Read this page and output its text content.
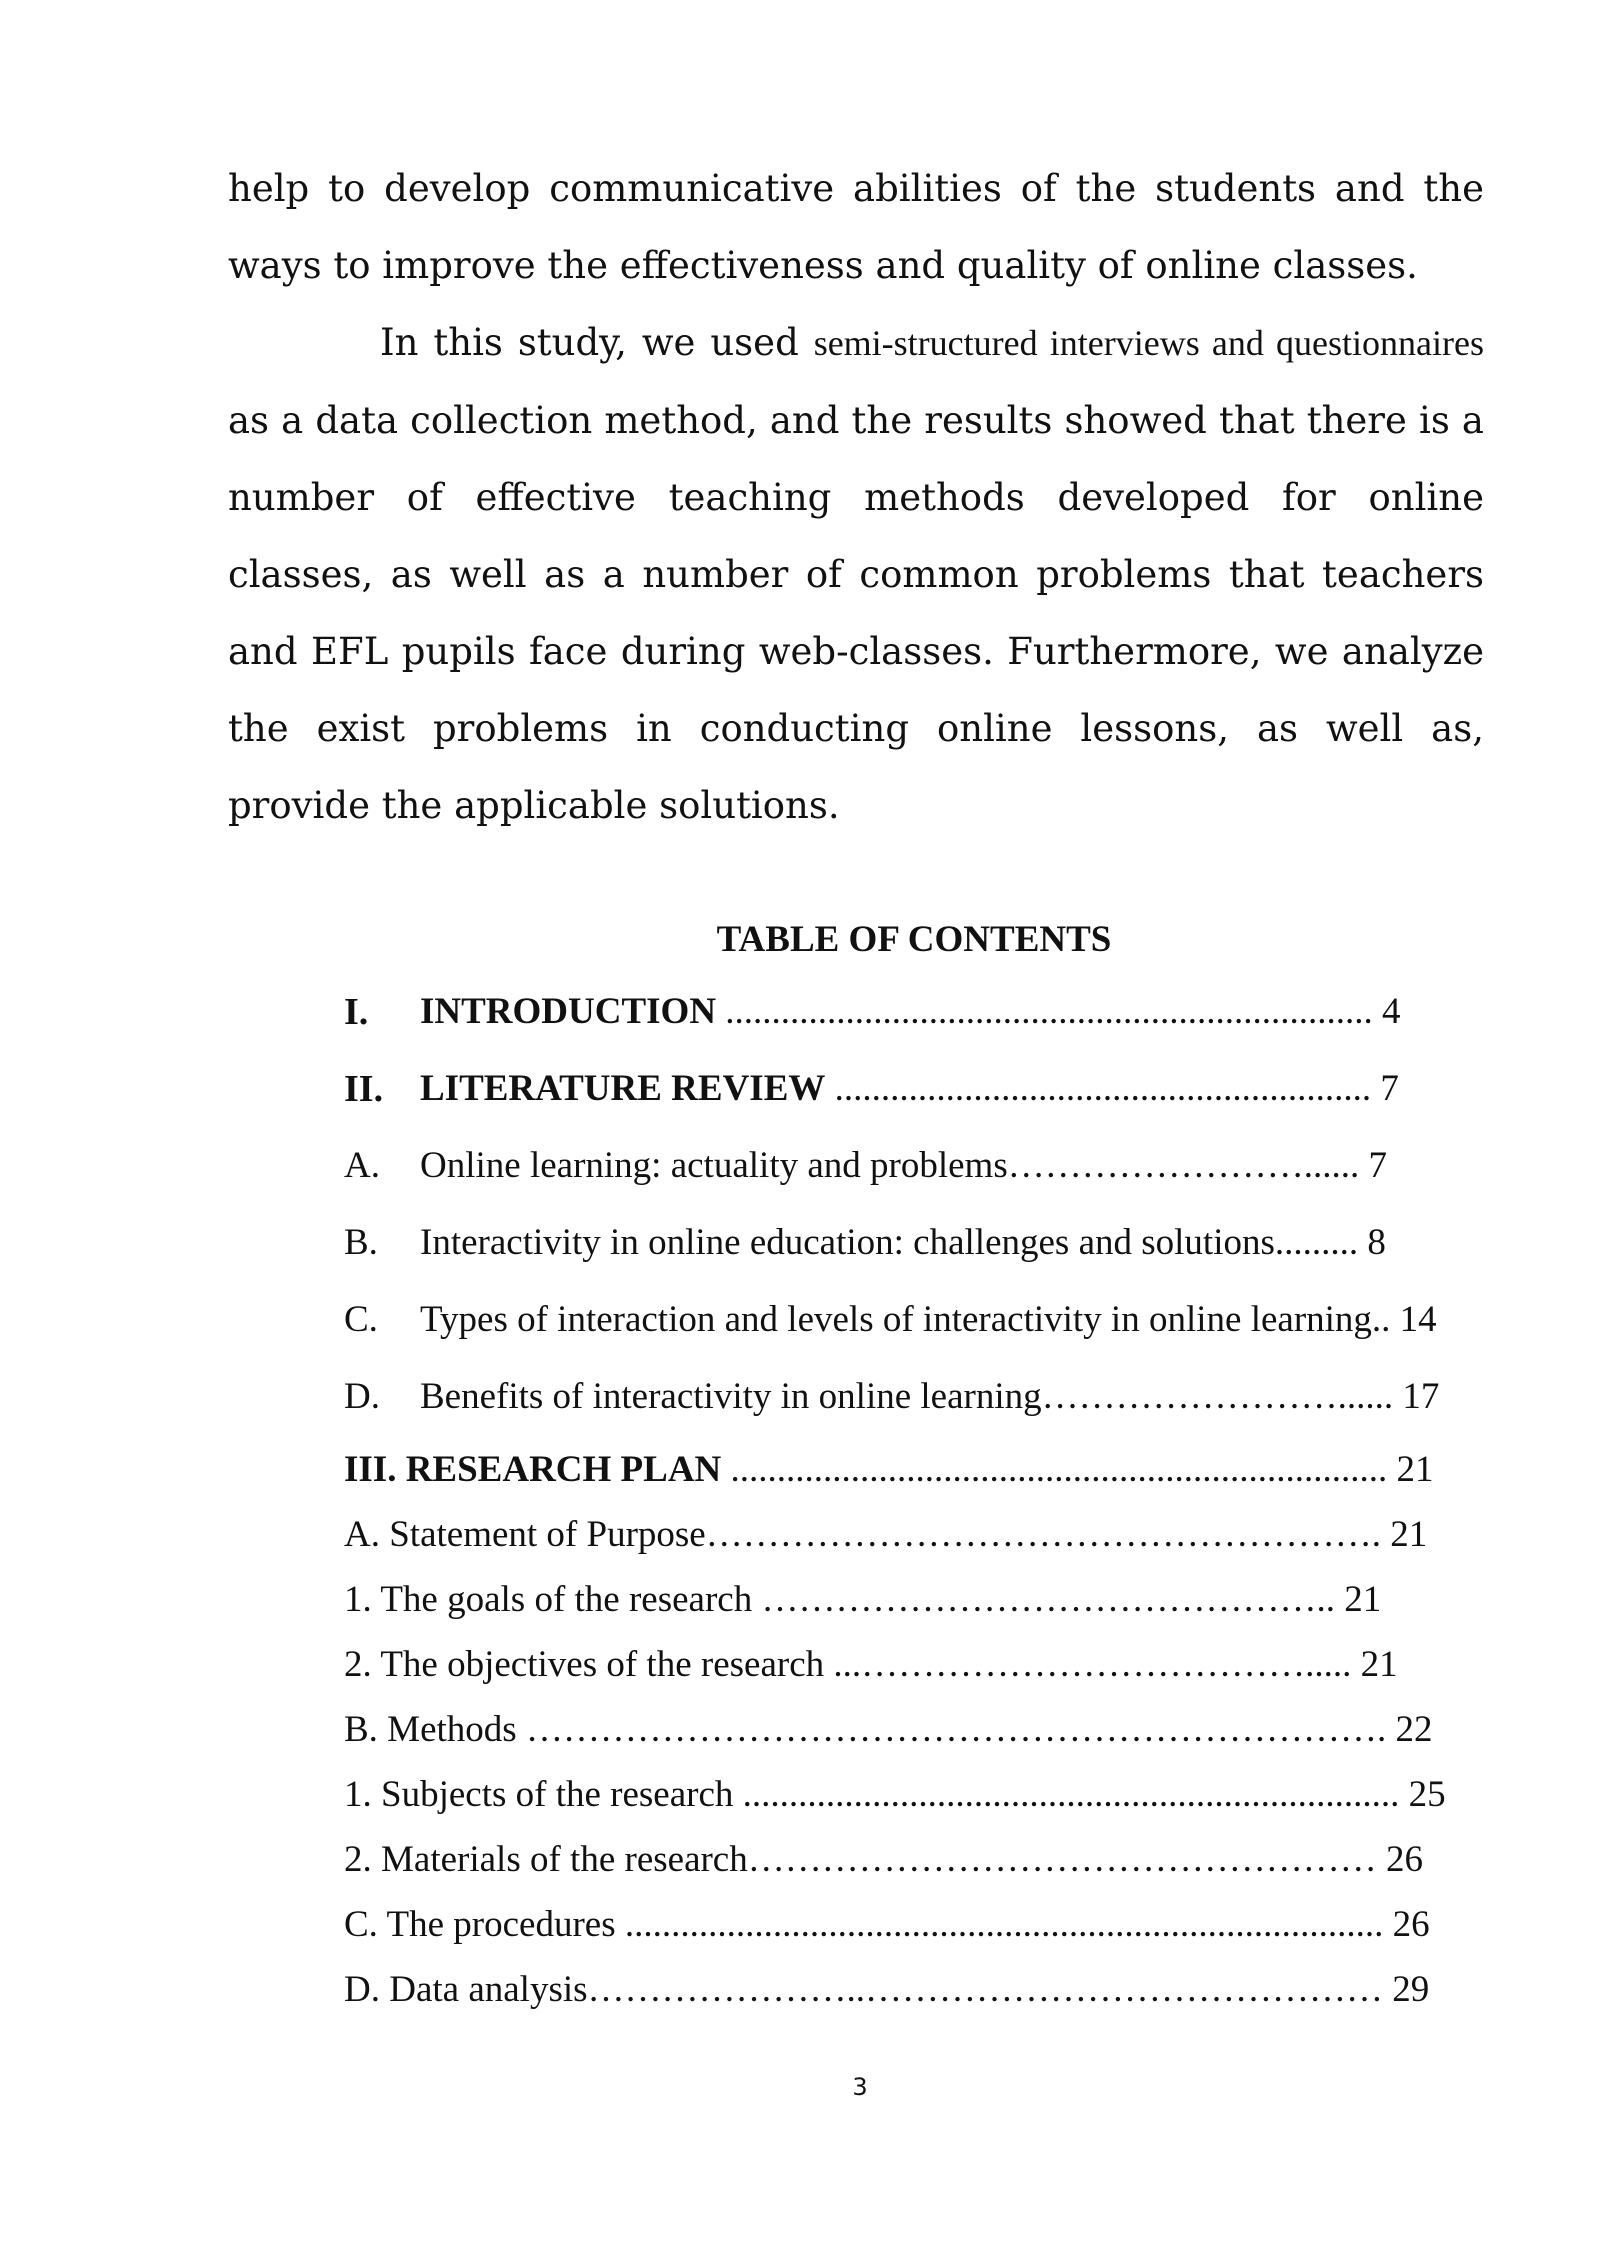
help to develop communicative abilities of the students and the ways to improve the effectiveness and quality of online classes.

In this study, we used semi-structured interviews and questionnaires as a data collection method, and the results showed that there is a number of effective teaching methods developed for online classes, as well as a number of common problems that teachers and EFL pupils face during web-classes. Furthermore, we analyze the exist problems in conducting online lessons, as well as, provide the applicable solutions.

TABLE OF CONTENTS
I. INTRODUCTION ...................................................................... 4
II. LITERATURE REVIEW .......................................................... 7
A. Online learning: actuality and problems……………………...... 7
B. Interactivity in online education: challenges and solutions......... 8
C. Types of interaction and levels of interactivity in online learning.. 14
D. Benefits of interactivity in online learning……………………...... 17
III. RESEARCH PLAN ....................................................................... 21
A. Statement of Purpose………………………………………………. 21
1. The goals of the research ……………………………………….. 21
2. The objectives of the research ...………………………………..... 21
B. Methods ……………………………………………………………. 22
1. Subjects of the research ....................................................................... 25
2. Materials of the research…………………………………………… 26
C. The procedures .................................................................................. 26
D. Data analysis…………………..…………………………………… 29
3
